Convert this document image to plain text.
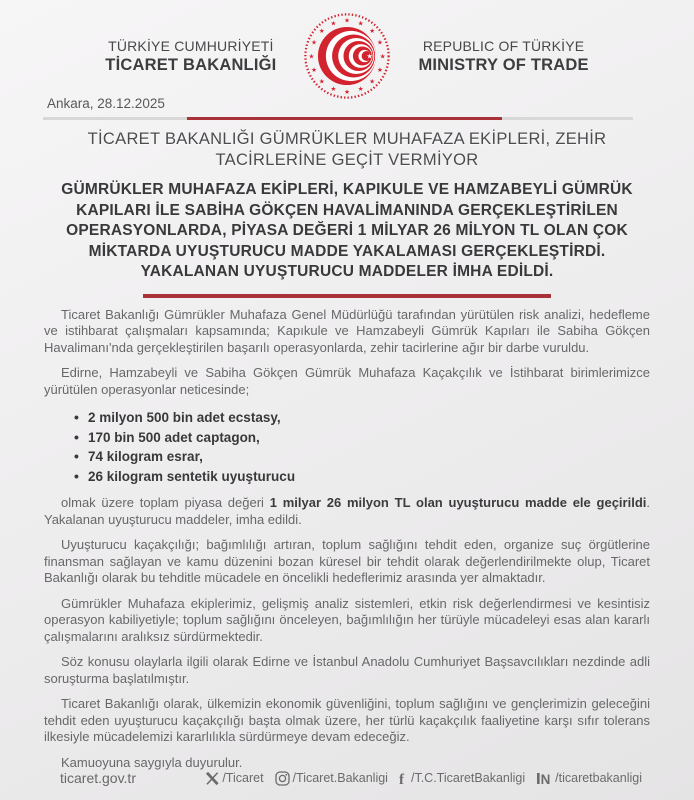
TÜRKİYE CUMHURİYETİ
TİCARET BAKANLIĞI
★ ★
★
★
★
★
★
★
★
★
★
★
★
★
★
★
★
REPUBLIC OF TÜRKİYE
MINISTRY OF TRADE
Ankara, 28.12.2025
TİCARET BAKANLIĞI GÜMRÜKLER MUHAFAZA EKİPLERİ, ZEHİR
TACİRLERİNE GEÇİT VERMİYOR
GÜMRÜKLER MUHAFAZA EKİPLERİ, KAPIKULE VE HAMZABEYLİ GÜMRÜK
KAPILARI İLE SABİHA GÖKÇEN HAVALİMANINDA GERÇEKLEŞTİRİLEN
OPERASYONLARDA, PİYASA DEĞERİ 1 MİLYAR 26 MİLYON TL OLAN ÇOK
MİKTARDA UYUŞTURUCU MADDE YAKALAMASI GERÇEKLEŞTİRDİ.
YAKALANAN UYUŞTURUCU MADDELER İMHA EDİLDİ.

Ticaret Bakanlığı Gümrükler Muhafaza Genel Müdürlüğü tarafından yürütülen risk analizi, hedefleme ve istihbarat çalışmaları kapsamında; Kapıkule ve Hamzabeyli Gümrük Kapıları ile Sabiha Gökçen Havalimanı'nda gerçekleştirilen başarılı operasyonlarda, zehir tacirlerine ağır bir darbe vuruldu.

Edirne, Hamzabeyli ve Sabiha Gökçen Gümrük Muhafaza Kaçakçılık ve İstihbarat birimlerimizce yürütülen operasyonlar neticesinde;

• 2 milyon 500 bin adet ecstasy,
• 170 bin 500 adet captagon,
• 74 kilogram esrar,
• 26 kilogram sentetik uyuşturucu

olmak üzere toplam piyasa değeri 1 milyar 26 milyon TL olan uyuşturucu madde ele geçirildi. Yakalanan uyuşturucu maddeler, imha edildi.

Uyuşturucu kaçakçılığı; bağımlılığı artıran, toplum sağlığını tehdit eden, organize suç örgütlerine finansman sağlayan ve kamu düzenini bozan küresel bir tehdit olarak değerlendirilmekte olup, Ticaret Bakanlığı olarak bu tehditle mücadele en öncelikli hedeflerimiz arasında yer almaktadır.

Gümrükler Muhafaza ekiplerimiz, gelişmiş analiz sistemleri, etkin risk değerlendirmesi ve kesintisiz operasyon kabiliyetiyle; toplum sağlığını önceleyen, bağımlılığın her türüyle mücadeleyi esas alan kararlı çalışmalarını aralıksız sürdürmektedir.

Söz konusu olaylarla ilgili olarak Edirne ve İstanbul Anadolu Cumhuriyet Başsavcılıkları nezdinde adli soruşturma başlatılmıştır.

Ticaret Bakanlığı olarak, ülkemizin ekonomik güvenliğini, toplum sağlığını ve gençlerimizin geleceğini tehdit eden uyuşturucu kaçakçılığı başta olmak üzere, her türlü kaçakçılık faaliyetine karşı sıfır tolerans ilkesiyle mücadelemizi kararlılıkla sürdürmeye devam edeceğiz.

Kamuoyuna saygıyla duyurulur.

ticaret.gov.tr	/Ticaret /Ticaret.Bakanligi f /T.C.TicaretBakanligi N /ticaretbakanligi
